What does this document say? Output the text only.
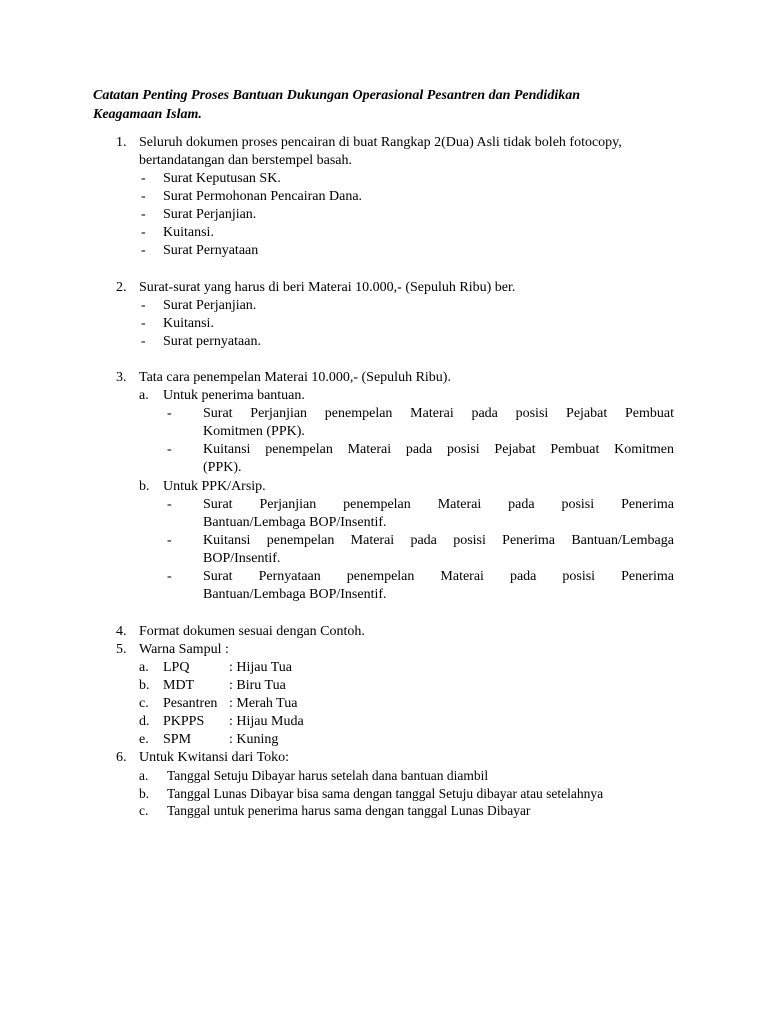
Catatan Penting Proses Bantuan Dukungan Operasional Pesantren dan Pendidikan
Keagamaan Islam.
1. Seluruh dokumen proses pencairan di buat Rangkap 2(Dua) Asli tidak boleh fotocopy,
bertandatangan dan berstempel basah.
- Surat Keputusan SK.
- Surat Permohonan Pencairan Dana.
- Surat Perjanjian.
- Kuitansi.
- Surat Pernyataan
2. Surat-surat yang harus di beri Materai 10.000,- (Sepuluh Ribu) ber.
- Surat Perjanjian.
- Kuitansi.
- Surat pernyataan.
3. Tata cara penempelan Materai 10.000,- (Sepuluh Ribu).
a. Untuk penerima bantuan.
- Surat Perjanjian penempelan Materai pada posisi Pejabat Pembuat
Komitmen (PPK).
- Kuitansi penempelan Materai pada posisi Pejabat Pembuat Komitmen
(PPK).
b. Untuk PPK/Arsip.
- Surat Perjanjian penempelan Materai pada posisi Penerima
Bantuan/Lembaga BOP/Insentif.
- Kuitansi penempelan Materai pada posisi Penerima Bantuan/Lembaga
BOP/Insentif.
- Surat Pernyataan penempelan Materai pada posisi Penerima
Bantuan/Lembaga BOP/Insentif.
4. Format dokumen sesuai dengan Contoh.
5. Warna Sampul :
a. LPQ	: Hijau Tua
b. MDT : Biru Tua
c. Pesantren : Merah Tua
d. PKPPS : Hijau Muda
e. SPM	: Kuning
6. Untuk Kwitansi dari Toko:
a. Tanggal Setuju Dibayar harus setelah dana bantuan diambil
b. Tanggal Lunas Dibayar bisa sama dengan tanggal Setuju dibayar atau setelahnya
c. Tanggal untuk penerima harus sama dengan tanggal Lunas Dibayar
